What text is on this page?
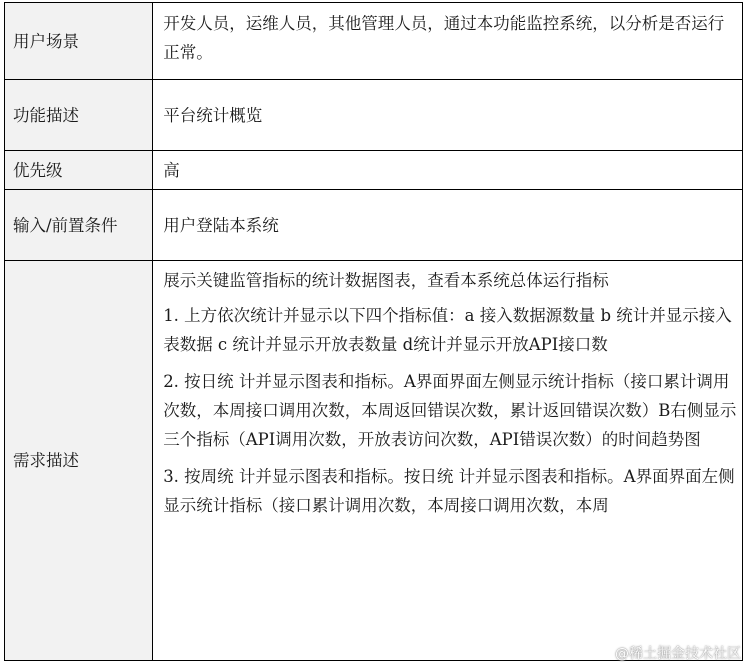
用户场景	开发人员，运维人员，其他管理人员，通过本功能监控系统，以分析是否运行正常。
功能描述	平台统计概览
优先级	高
输入/前置条件	用户登陆本系统
需求描述	展示关键监管指标的统计数据图表，查看本系统总体运行指标

1. 上方依次统计并显示以下四个指标值：a 接入数据源数量 b 统计并显示接入表数据 c 统计并显示开放表数量 d统计并显示开放API接口数

2. 按日统 计并显示图表和指标。A界面界面左侧显示统计指标（接口累计调用次数，本周接口调用次数，本周返回错误次数，累计返回错误次数）B右侧显示三个指标（API调用次数，开放表访问次数，API错误次数）的时间趋势图

3. 按周统 计并显示图表和指标。按日统 计并显示图表和指标。A界面界面左侧显示统计指标（接口累计调用次数，本周接口调用次数，本周

@稀土掘金技术社区
